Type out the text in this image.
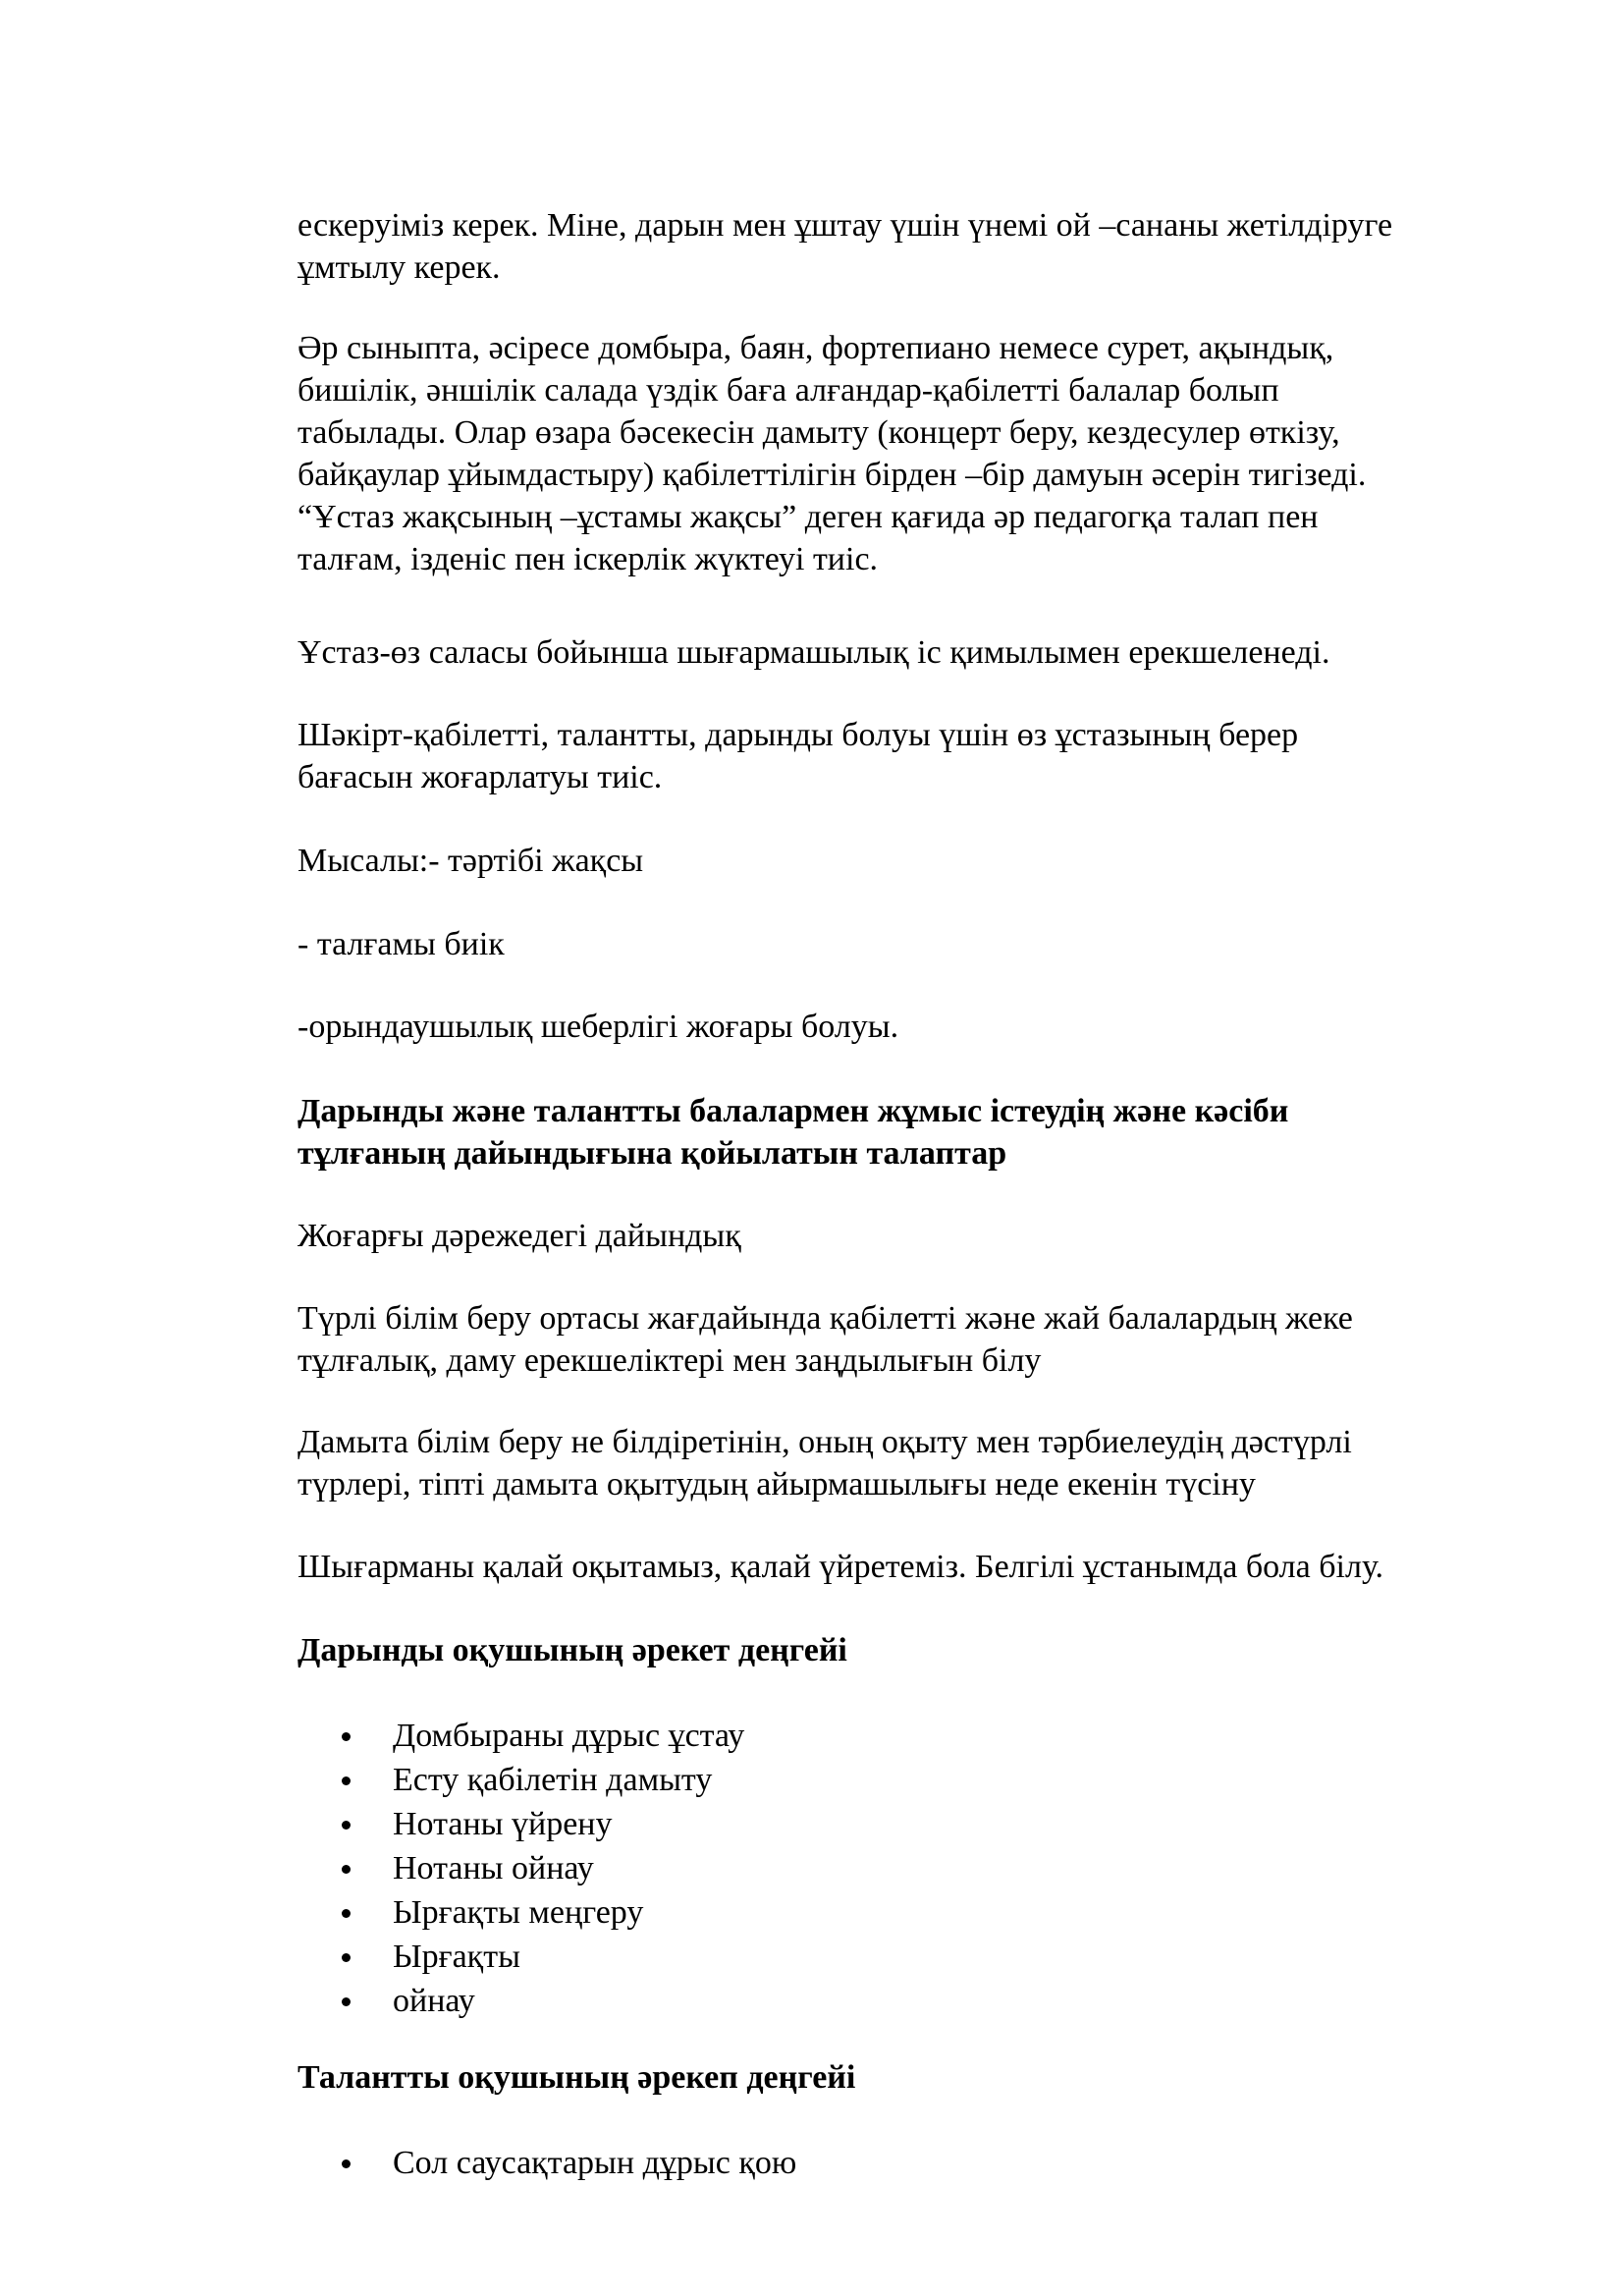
ескеруіміз керек. Міне, дарын мен ұштау үшін үнемі ой –сананы жетілдіруге
ұмтылу керек.

Әр сыныпта, әсіресе домбыра, баян, фортепиано немесе сурет, ақындық,
бишілік, әншілік салада үздік баға алғандар-қабілетті балалар болып
табылады. Олар өзара бәсекесін дамыту (концерт беру, кездесулер өткізу,
байқаулар ұйымдастыру) қабілеттілігін бірден –бір дамуын әсерін тигізеді.
“Ұстаз жақсының –ұстамы жақсы” деген қағида әр педагогқа талап пен
талғам, ізденіс пен іскерлік жүктеуі тиіс.

Ұстаз-өз саласы бойынша шығармашылық іс қимылымен ерекшеленеді.

Шәкірт-қабілетті, талантты, дарынды болуы үшін өз ұстазының берер
бағасын жоғарлатуы тиіс.

Мысалы:- тәртібі жақсы

- талғамы биік

-орындаушылық шеберлігі жоғары болуы.

Дарынды және талантты балалармен жұмыс істеудің және кәсіби
тұлғаның дайындығына қойылатын талаптар

Жоғарғы дәрежедегі дайындық

Түрлі білім беру ортасы жағдайында қабілетті және жай балалардың жеке
тұлғалық, даму ерекшеліктері мен заңдылығын білу

Дамыта білім беру не білдіретінін, оның оқыту мен тәрбиелеудің дәстүрлі
түрлері, тіпті дамыта оқытудың айырмашылығы неде екенін түсіну

Шығарманы қалай оқытамыз, қалай үйретеміз. Белгілі ұстанымда бола білу.

Дарынды оқушының әрекет деңгейі
Домбыраны дұрыс ұстау
Есту қабілетін дамыту
Нотаны үйрену
Нотаны ойнау
Ырғақты меңгеру
Ырғақты
ойнау
Талантты оқушының әрекеп деңгейі
Сол саусақтарын дұрыс қою
